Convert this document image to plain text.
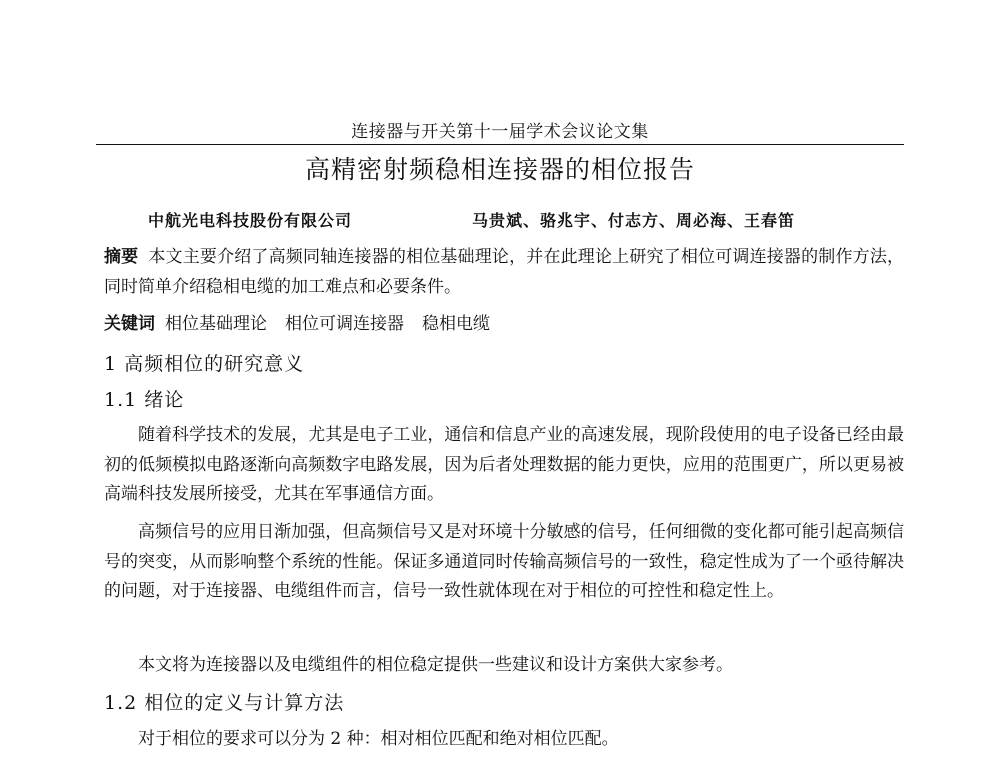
连接器与开关第十一届学术会议论文集
高精密射频稳相连接器的相位报告
中航光电科技股份有限公司	马贵斌、骆兆宇、付志方、周必海、王春笛
摘要 本文主要介绍了高频同轴连接器的相位基础理论，并在此理论上研究了相位可调连接器的制作方法，同时简单介绍稳相电缆的加工难点和必要条件。
关键词 相位基础理论 相位可调连接器 稳相电缆
1 高频相位的研究意义
1.1 绪论
随着科学技术的发展，尤其是电子工业，通信和信息产业的高速发展，现阶段使用的电子设备已经由最初的低频模拟电路逐渐向高频数字电路发展，因为后者处理数据的能力更快，应用的范围更广，所以更易被高端科技发展所接受，尤其在军事通信方面。
高频信号的应用日渐加强，但高频信号又是对环境十分敏感的信号，任何细微的变化都可能引起高频信号的突变，从而影响整个系统的性能。保证多通道同时传输高频信号的一致性，稳定性成为了一个亟待解决的问题，对于连接器、电缆组件而言，信号一致性就体现在对于相位的可控性和稳定性上。
本文将为连接器以及电缆组件的相位稳定提供一些建议和设计方案供大家参考。
1.2 相位的定义与计算方法
对于相位的要求可以分为 2 种：相对相位匹配和绝对相位匹配。
